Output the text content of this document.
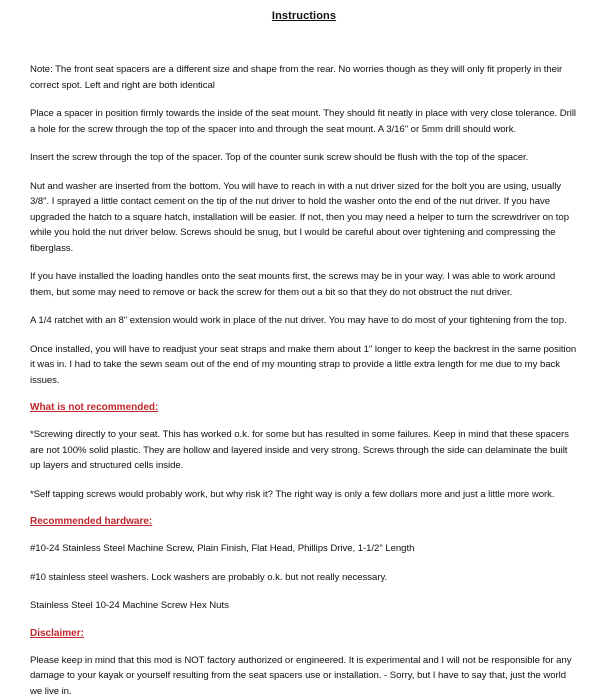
Instructions

Note: The front seat spacers are a different size and shape from the rear. No worries though as they will only fit properly in their correct spot. Left and right are both identical

Place a spacer in position firmly towards the inside of the seat mount. They should fit neatly in place with very close tolerance. Drill a hole for the screw through the top of the spacer into and through the seat mount. A 3/16" or 5mm drill should work.

Insert the screw through the top of the spacer. Top of the counter sunk screw should be flush with the top of the spacer.

Nut and washer are inserted from the bottom. You will have to reach in with a nut driver sized for the bolt you are using, usually 3/8". I sprayed a little contact cement on the tip of the nut driver to hold the washer onto the end of the nut driver. If you have upgraded the hatch to a square hatch, installation will be easier. If not, then you may need a helper to turn the screwdriver on top while you hold the nut driver below. Screws should be snug, but I would be careful about over tightening and compressing the fiberglass.

If you have installed the loading handles onto the seat mounts first, the screws may be in your way. I was able to work around them, but some may need to remove or back the screw for them out a bit so that they do not obstruct the nut driver.

A 1/4 ratchet with an 8" extension would work in place of the nut driver. You may have to do most of your tightening from the top.

Once installed, you will have to readjust your seat straps and make them about 1" longer to keep the backrest in the same position it was in. I had to take the sewn seam out of the end of my mounting strap to provide a little extra length for me due to my back issues.

What is not recommended:

*Screwing directly to your seat. This has worked o.k. for some but has resulted in some failures. Keep in mind that these spacers are not 100% solid plastic. They are hollow and layered inside and very strong. Screws through the side can delaminate the built up layers and structured cells inside.

*Self tapping screws would probably work, but why risk it? The right way is only a few dollars more and just a little more work.

Recommended hardware:

#10-24 Stainless Steel Machine Screw, Plain Finish, Flat Head, Phillips Drive, 1-1/2" Length

#10 stainless steel washers. Lock washers are probably o.k. but not really necessary.

Stainless Steel 10-24 Machine Screw Hex Nuts

Disclaimer:

Please keep in mind that this mod is NOT factory authorized or engineered. It is experimental and I will not be responsible for any damage to your kayak or yourself resulting from the seat spacers use or installation. - Sorry, but I have to say that, just the world we live in.
